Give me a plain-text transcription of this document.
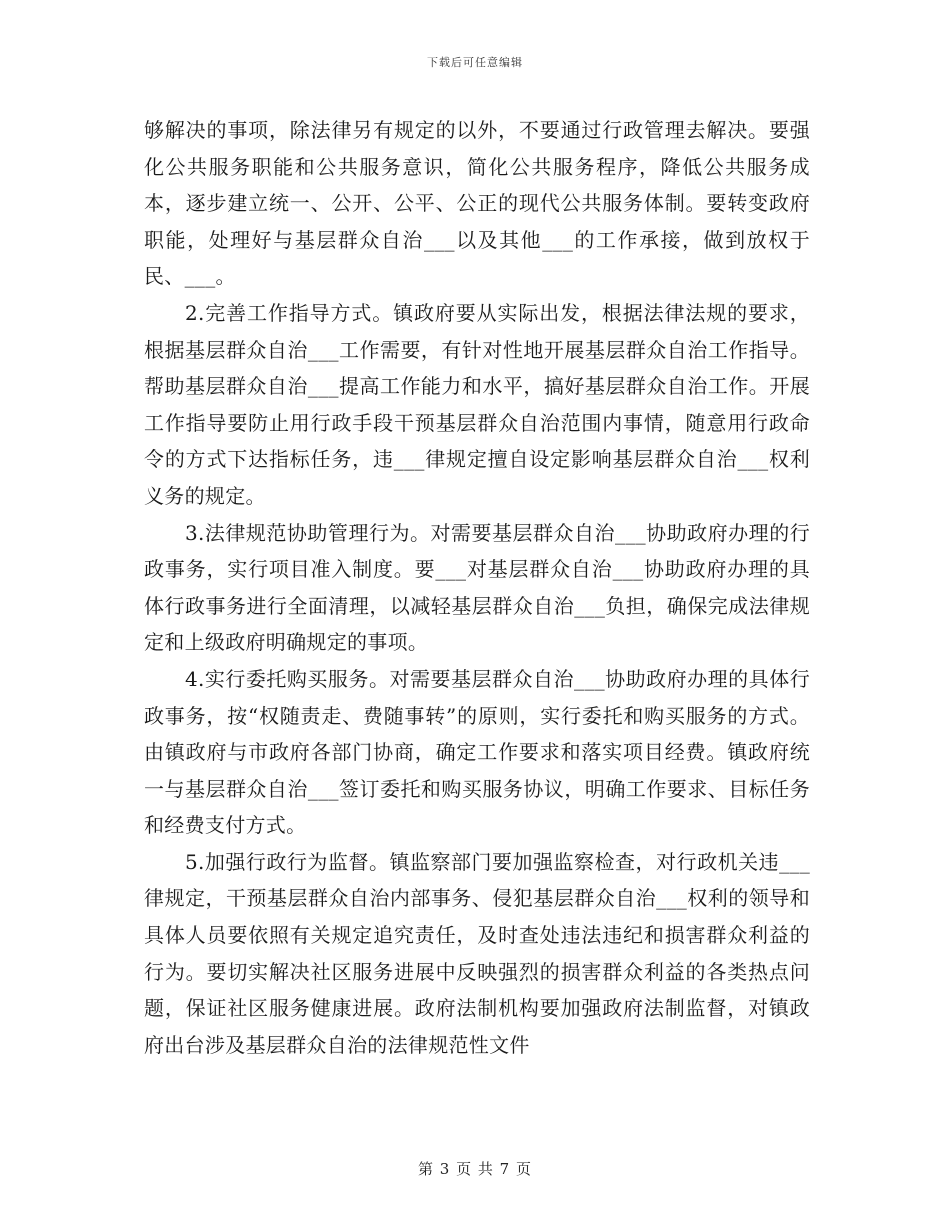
下载后可任意编辑

够解决的事项，除法律另有规定的以外，不要通过行政管理去解决。要强化公共服务职能和公共服务意识，简化公共服务程序，降低公共服务成本，逐步建立统一、公开、公平、公正的现代公共服务体制。要转变政府职能，处理好与基层群众自治___以及其他___的工作承接，做到放权于民、___。

2.完善工作指导方式。镇政府要从实际出发，根据法律法规的要求，根据基层群众自治___工作需要，有针对性地开展基层群众自治工作指导。帮助基层群众自治___提高工作能力和水平，搞好基层群众自治工作。开展工作指导要防止用行政手段干预基层群众自治范围内事情，随意用行政命令的方式下达指标任务，违___律规定擅自设定影响基层群众自治___权利义务的规定。

3.法律规范协助管理行为。对需要基层群众自治___协助政府办理的行政事务，实行项目准入制度。要___对基层群众自治___协助政府办理的具体行政事务进行全面清理，以减轻基层群众自治___负担，确保完成法律规定和上级政府明确规定的事项。

4.实行委托购买服务。对需要基层群众自治___协助政府办理的具体行政事务，按“权随责走、费随事转”的原则，实行委托和购买服务的方式。由镇政府与市政府各部门协商，确定工作要求和落实项目经费。镇政府统一与基层群众自治___签订委托和购买服务协议，明确工作要求、目标任务和经费支付方式。

5.加强行政行为监督。镇监察部门要加强监察检查，对行政机关违___律规定，干预基层群众自治内部事务、侵犯基层群众自治___权利的领导和具体人员要依照有关规定追究责任，及时查处违法违纪和损害群众利益的行为。要切实解决社区服务进展中反映强烈的损害群众利益的各类热点问题，保证社区服务健康进展。政府法制机构要加强政府法制监督，对镇政府出台涉及基层群众自治的法律规范性文件

第 3 页 共 7 页
